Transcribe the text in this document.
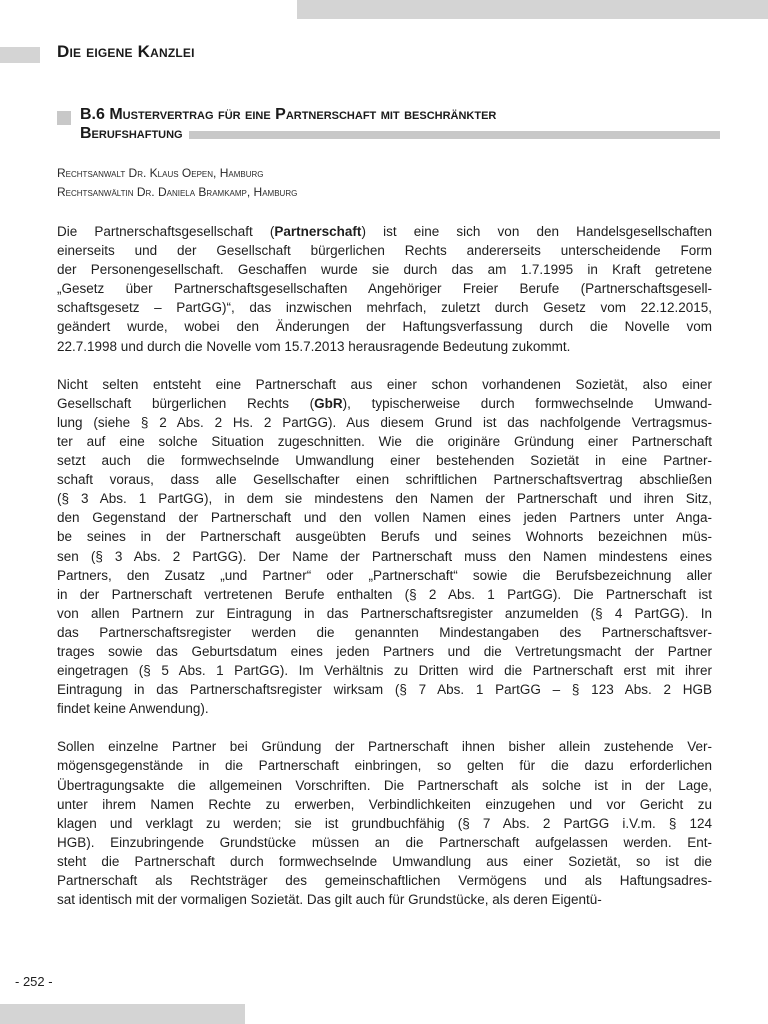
Die eigene Kanzlei
B.6 Mustervertrag für eine Partnerschaft mit beschränkter
Berufshaftung
Rechtsanwalt Dr. Klaus Oepen, Hamburg
Rechtsanwältin Dr. Daniela Bramkamp, Hamburg
Die Partnerschaftsgesellschaft (Partnerschaft) ist eine sich von den Handelsgesellschaften
einerseits und der Gesellschaft bürgerlichen Rechts andererseits unterscheidende Form
der Personengesellschaft. Geschaffen wurde sie durch das am 1.7.1995 in Kraft getretene
„Gesetz über Partnerschaftsgesellschaften Angehöriger Freier Berufe (Partnerschaftsgesell-
schaftsgesetz – PartGG)“, das inzwischen mehrfach, zuletzt durch Gesetz vom 22.12.2015,
geändert wurde, wobei den Änderungen der Haftungsverfassung durch die Novelle vom
22.7.1998 und durch die Novelle vom 15.7.2013 herausragende Bedeutung zukommt.
Nicht selten entsteht eine Partnerschaft aus einer schon vorhandenen Sozietät, also einer
Gesellschaft bürgerlichen Rechts (GbR), typischerweise durch formwechselnde Umwand-
lung (siehe § 2 Abs. 2 Hs. 2 PartGG). Aus diesem Grund ist das nachfolgende Vertragsmus-
ter auf eine solche Situation zugeschnitten. Wie die originäre Gründung einer Partnerschaft
setzt auch die formwechselnde Umwandlung einer bestehenden Sozietät in eine Partner-
schaft voraus, dass alle Gesellschafter einen schriftlichen Partnerschaftsvertrag abschließen
(§ 3 Abs. 1 PartGG), in dem sie mindestens den Namen der Partnerschaft und ihren Sitz,
den Gegenstand der Partnerschaft und den vollen Namen eines jeden Partners unter Anga-
be seines in der Partnerschaft ausgeübten Berufs und seines Wohnorts bezeichnen müs-
sen (§ 3 Abs. 2 PartGG). Der Name der Partnerschaft muss den Namen mindestens eines
Partners, den Zusatz „und Partner“ oder „Partnerschaft“ sowie die Berufsbezeichnung aller
in der Partnerschaft vertretenen Berufe enthalten (§ 2 Abs. 1 PartGG). Die Partnerschaft ist
von allen Partnern zur Eintragung in das Partnerschaftsregister anzumelden (§ 4 PartGG). In
das Partnerschaftsregister werden die genannten Mindestangaben des Partnerschaftsver-
trages sowie das Geburtsdatum eines jeden Partners und die Vertretungsmacht der Partner
eingetragen (§ 5 Abs. 1 PartGG). Im Verhältnis zu Dritten wird die Partnerschaft erst mit ihrer
Eintragung in das Partnerschaftsregister wirksam (§ 7 Abs. 1 PartGG – § 123 Abs. 2 HGB
findet keine Anwendung).
Sollen einzelne Partner bei Gründung der Partnerschaft ihnen bisher allein zustehende Ver-
mögensgegenstände in die Partnerschaft einbringen, so gelten für die dazu erforderlichen
Übertragungsakte die allgemeinen Vorschriften. Die Partnerschaft als solche ist in der Lage,
unter ihrem Namen Rechte zu erwerben, Verbindlichkeiten einzugehen und vor Gericht zu
klagen und verklagt zu werden; sie ist grundbuchfähig (§ 7 Abs. 2 PartGG i.V.m. § 124
HGB). Einzubringende Grundstücke müssen an die Partnerschaft aufgelassen werden. Ent-
steht die Partnerschaft durch formwechselnde Umwandlung aus einer Sozietät, so ist die
Partnerschaft als Rechtsträger des gemeinschaftlichen Vermögens und als Haftungsadres-
sat identisch mit der vormaligen Sozietät. Das gilt auch für Grundstücke, als deren Eigentü-
- 252 -
